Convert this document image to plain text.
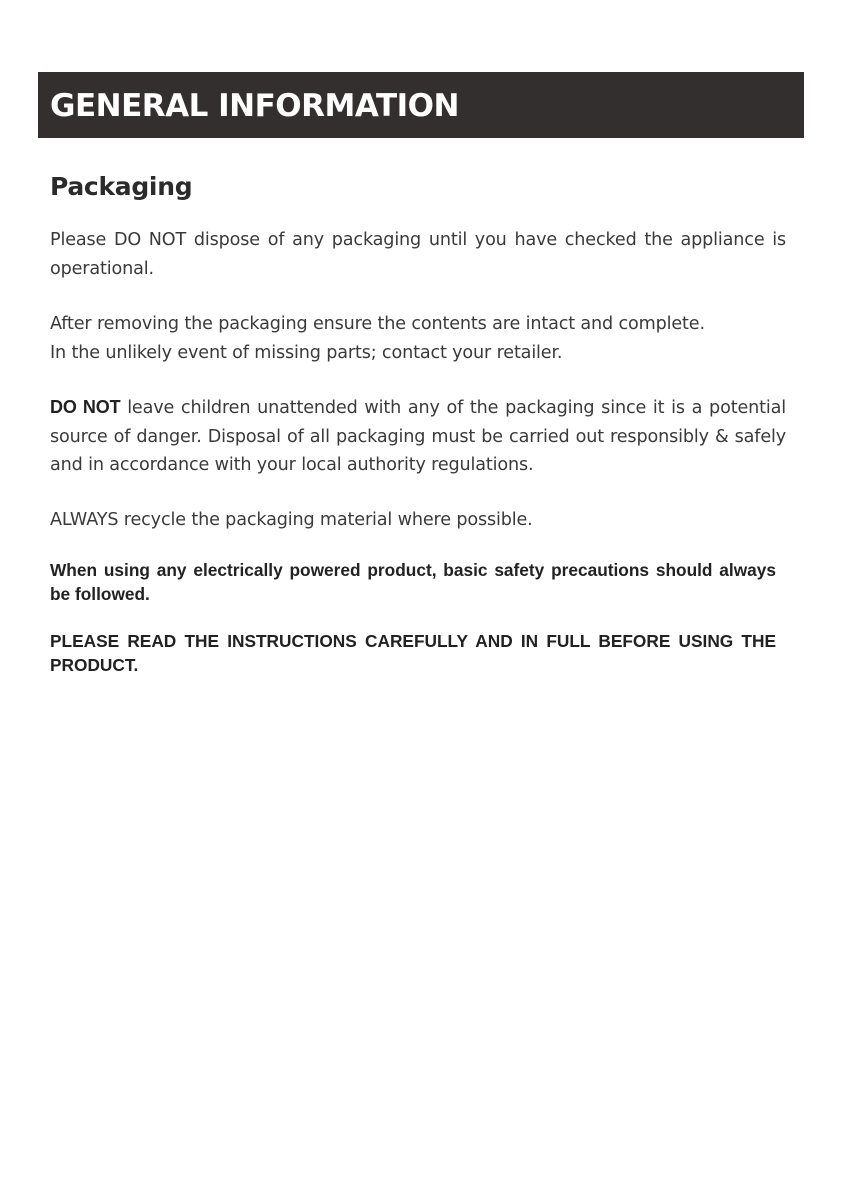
GENERAL INFORMATION
Packaging

Please DO NOT dispose of any packaging until you have checked the appliance is operational.

After removing the packaging ensure the contents are intact and complete.
In the unlikely event of missing parts; contact your retailer.

DO NOT leave children unattended with any of the packaging since it is a potential source of danger. Disposal of all packaging must be carried out responsibly & safely and in accordance with your local authority regulations.

ALWAYS recycle the packaging material where possible.

When using any electrically powered product, basic safety precautions should always be followed.

PLEASE READ THE INSTRUCTIONS CAREFULLY AND IN FULL BEFORE USING THE PRODUCT.
